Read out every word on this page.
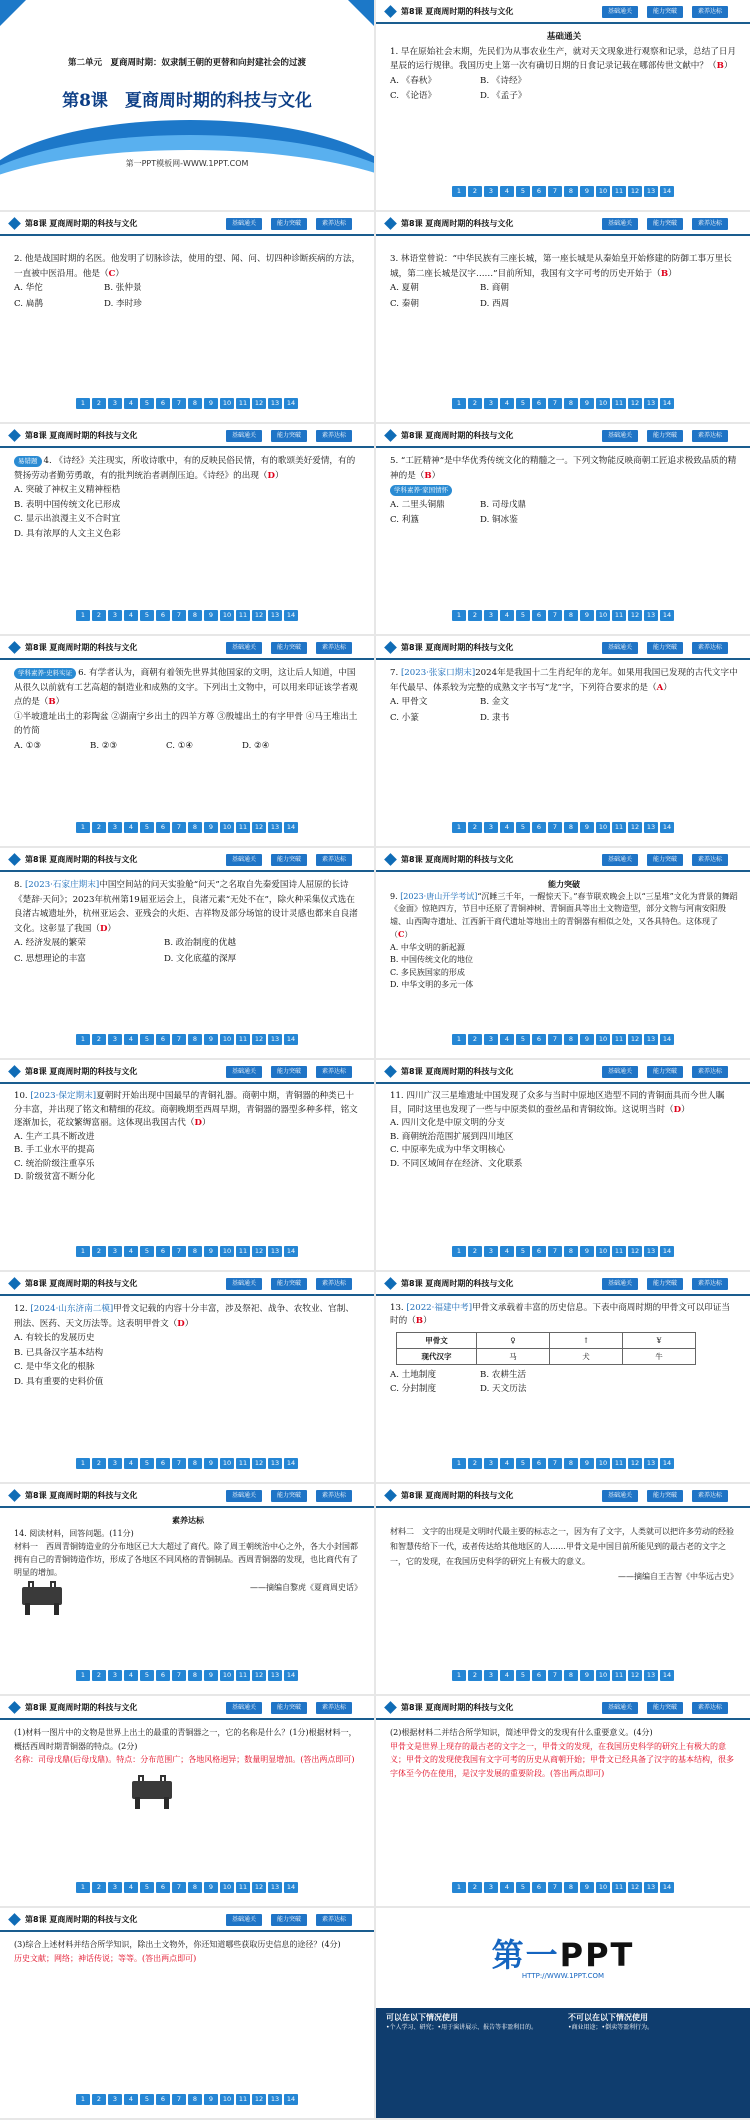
第二单元　夏商周时期：奴隶制王朝的更替和向封建社会的过渡
第8课　夏商周时期的科技与文化
第一PPT模板网-WWW.1PPT.COM
第8课 夏商周时期的科技与文化	基础通关	能力突破	素养达标

基础通关

1. 早在原始社会末期，先民们为从事农业生产，就对天文现象进行观察和记录，总结了日月星辰的运行规律。我国历史上第一次有确切日期的日食记录记载在哪部传世文献中？（B）

A. 《春秋》	B. 《诗经》
C. 《论语》	D. 《孟子》
1	2	3	4	5	6	7	8	9	10	11	12	13	14
第8课 夏商周时期的科技与文化	基础通关	能力突破	素养达标

2. 他是战国时期的名医。他发明了切脉诊法，使用的望、闻、问、切四种诊断疾病的方法，一直被中医沿用。他是（C）

A. 华佗	B. 张仲景
C. 扁鹊	D. 李时珍
1	2	3	4	5	6	7	8	9	10	11	12	13	14
第8课 夏商周时期的科技与文化	基础通关	能力突破	素养达标

3. 林语堂曾说：“中华民族有三座长城，第一座长城是从秦始皇开始修建的防御工事万里长城，第二座长城是汉字……”目前所知，我国有文字可考的历史开始于（B）

A. 夏朝	B. 商朝
C. 秦朝	D. 西周
1	2	3	4	5	6	7	8	9	10	11	12	13	14
第8课 夏商周时期的科技与文化	基础通关	能力突破	素养达标

易错题 4. 《诗经》关注现实，所收诗歌中，有的反映民俗民情，有的歌颂美好爱情，有的赞扬劳动者勤劳勇敢，有的批判统治者剥削压迫。《诗经》的出现（D）

A. 突破了神权主义精神桎梏

B. 表明中国传统文化已形成

C. 显示出浪漫主义不合时宜

D. 具有浓厚的人文主义色彩

1	2	3	4	5	6	7	8	9	10	11	12	13	14
第8课 夏商周时期的科技与文化	基础通关	能力突破	素养达标

5. “工匠精神”是中华优秀传统文化的精髓之一。下列文物能反映商朝工匠追求极致品质的精神的是（B）

学科素养·家国情怀

A. 二里头铜鼎	B. 司母戊鼎
C. 利簋	D. 铜冰鉴
1	2	3	4	5	6	7	8	9	10	11	12	13	14
第8课 夏商周时期的科技与文化	基础通关	能力突破	素养达标

学科素养·史料实证 6. 有学者认为，商朝有着领先世界其他国家的文明，这让后人知道，中国从很久以前就有工艺高超的制造业和成熟的文字。下列出土文物中，可以用来印证该学者观点的是（B）

①半坡遗址出土的彩陶盆 ②湖南宁乡出土的四羊方尊 ③殷墟出土的有字甲骨 ④马王堆出土的竹简

A. ①③	B. ②③	C. ①④	D. ②④
1	2	3	4	5	6	7	8	9	10	11	12	13	14
第8课 夏商周时期的科技与文化	基础通关	能力突破	素养达标

7. [2023·张家口期末]2024年是我国十二生肖纪年的龙年。如果用我国已发现的古代文字中年代最早、体系较为完整的成熟文字书写“龙”字，下列符合要求的是（A）

A. 甲骨文	B. 金文
C. 小篆	D. 隶书
1	2	3	4	5	6	7	8	9	10	11	12	13	14
第8课 夏商周时期的科技与文化	基础通关	能力突破	素养达标

8. [2023·石家庄期末]中国空间站的问天实验舱“问天”之名取自先秦爱国诗人屈原的长诗《楚辞·天问》；2023年杭州第19届亚运会上，良渚元素“无处不在”，除火种采集仪式选在良渚古城遗址外，杭州亚运会、亚残会的火炬、吉祥物及部分场馆的设计灵感也都来自良渚文化。这彰显了我国（D）

A. 经济发展的繁荣	B. 政治制度的优越
C. 思想理论的丰富	D. 文化底蕴的深厚
1	2	3	4	5	6	7	8	9	10	11	12	13	14
第8课 夏商周时期的科技与文化	基础通关	能力突破	素养达标

能力突破

9. [2023·唐山开学考试]“沉睡三千年，一醒惊天下。”春节联欢晚会上以“三星堆”文化为背景的舞蹈《金面》惊艳四方，节目中还原了青铜神树、青铜面具等出土文物造型，部分文物与河南安阳殷墟、山西陶寺遗址、江西新干商代遗址等地出土的青铜器有相似之处，又各具特色。这体现了（C）

A. 中华文明的新起源

B. 中国传统文化的地位

C. 多民族国家的形成

D. 中华文明的多元一体

1	2	3	4	5	6	7	8	9	10	11	12	13	14
第8课 夏商周时期的科技与文化	基础通关	能力突破	素养达标

10. [2023·保定期末]夏朝时开始出现中国最早的青铜礼器。商朝中期，青铜器的种类已十分丰富，并出现了铭文和精细的花纹。商朝晚期至西周早期，青铜器的器型多种多样，铭文逐渐加长，花纹繁缛富丽。这体现出我国古代（D）

A. 生产工具不断改进

B. 手工业水平的提高

C. 统治阶级注重享乐

D. 阶级贫富不断分化

1	2	3	4	5	6	7	8	9	10	11	12	13	14
第8课 夏商周时期的科技与文化	基础通关	能力突破	素养达标

11. 四川广汉三星堆遗址中国发现了众多与当时中原地区造型不同的青铜面具而今世人瞩目，同时这里也发现了一些与中原类似的蚕丝品和青铜纹饰。这说明当时（D）

A. 四川文化是中原文明的分支

B. 商朝统治范围扩展到四川地区

C. 中原率先成为中华文明核心

D. 不同区域间存在经济、文化联系

1	2	3	4	5	6	7	8	9	10	11	12	13	14
第8课 夏商周时期的科技与文化	基础通关	能力突破	素养达标

12. [2024·山东济南二模]甲骨文记载的内容十分丰富，涉及祭祀、战争、农牧业、官制、刑法、医药、天文历法等。这表明甲骨文（D）

A. 有较长的发展历史

B. 已具备汉字基本结构

C. 是中华文化的根脉

D. 具有重要的史料价值

1	2	3	4	5	6	7	8	9	10	11	12	13	14
第8课 夏商周时期的科技与文化	基础通关	能力突破	素养达标

13. [2022·福建中考]甲骨文承载着丰富的历史信息。下表中商周时期的甲骨文可以印证当时的（B）

甲骨文	♀	↑	¥
现代汉字	马	犬	牛
A. 土地制度	B. 农耕生活
C. 分封制度	D. 天文历法
1	2	3	4	5	6	7	8	9	10	11	12	13	14
第8课 夏商周时期的科技与文化	基础通关	能力突破	素养达标

素养达标

14. 阅读材料，回答问题。(11分)

材料一　西周青铜铸造业的分布地区已大大超过了商代。除了周王朝统治中心之外，各大小封国都拥有自己的青铜铸造作坊，形成了各地区不同风格的青铜制品。西周青铜器的发现，也比商代有了明显的增加。

——摘编自黎虎《夏商周史话》

1	2	3	4	5	6	7	8	9	10	11	12	13	14
第8课 夏商周时期的科技与文化	基础通关	能力突破	素养达标

材料二　文字的出现是文明时代最主要的标志之一，因为有了文字，人类就可以把许多劳动的经验和智慧传给下一代，或者传达给其他地区的人……甲骨文是中国目前所能见到的最古老的文字之一，它的发现，在我国历史科学的研究上有极大的意义。

——摘编自王吉智《中华远古史》

1	2	3	4	5	6	7	8	9	10	11	12	13	14
第8课 夏商周时期的科技与文化	基础通关	能力突破	素养达标

(1)材料一图片中的文物是世界上出土的最重的青铜器之一，它的名称是什么？(1分)根据材料一，概括西周时期青铜器的特点。(2分)

名称：司母戊鼎(后母戊鼎)。特点：分布范围广；各地风格迥异；数量明显增加。(答出两点即可)

1	2	3	4	5	6	7	8	9	10	11	12	13	14
第8课 夏商周时期的科技与文化	基础通关	能力突破	素养达标

(2)根据材料二并结合所学知识，简述甲骨文的发现有什么重要意义。(4分)

甲骨文是世界上现存的最古老的文字之一，甲骨文的发现，在我国历史科学的研究上有极大的意义；甲骨文的发现使我国有文字可考的历史从商朝开始；甲骨文已经具备了汉字的基本结构，很多字体至今仍在使用，是汉字发展的重要阶段。(答出两点即可)

1	2	3	4	5	6	7	8	9	10	11	12	13	14
第8课 夏商周时期的科技与文化	基础通关	能力突破	素养达标

(3)综合上述材料并结合所学知识，除出土文物外，你还知道哪些获取历史信息的途径？(4分)

历史文献；网络；神话传说；等等。(答出两点即可)

1	2	3	4	5	6	7	8	9	10	11	12	13	14
第一PPT
HTTP://WWW.1PPT.COM
可以在以下情况使用

•个人学习、研究；•用于演讲展示、报告等非盈利目的。

不可以在以下情况使用

•商业用途；•倒卖等盈利行为。
